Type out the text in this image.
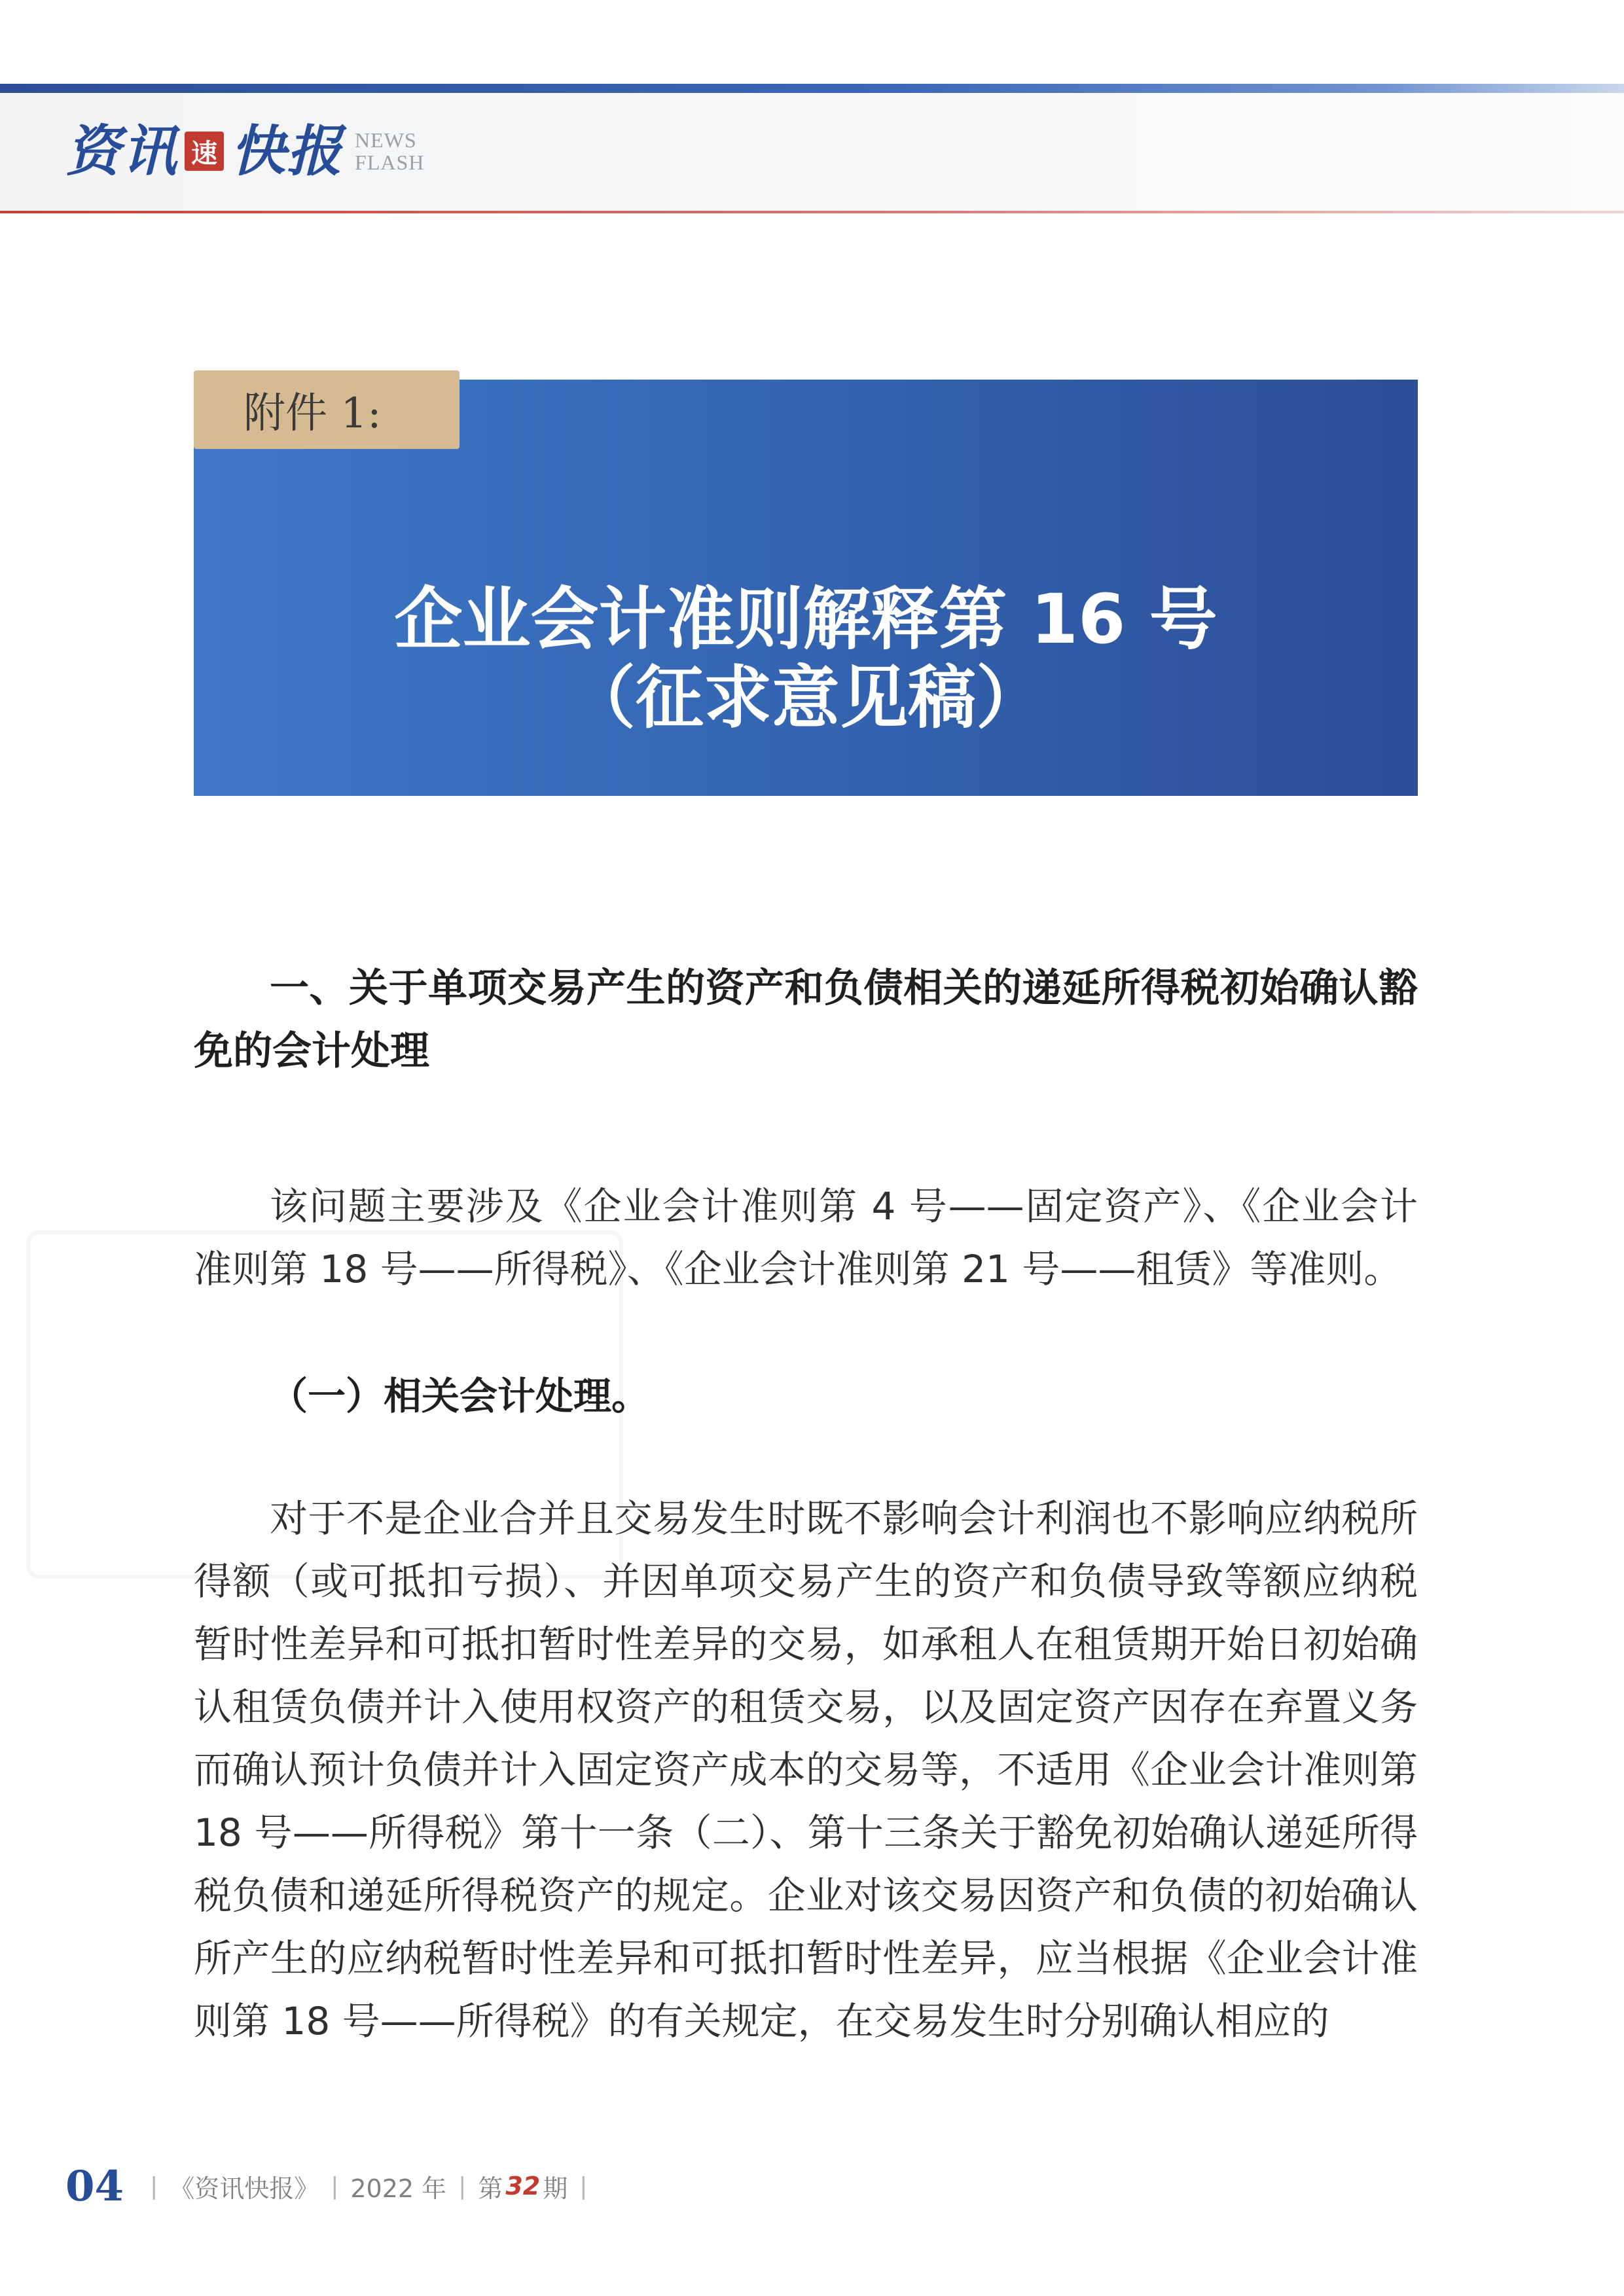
资讯 速 快报 NEWS
FLASH
附件 1:
企业会计准则解释第 16 号
（征求意见稿）

一、关于单项交易产生的资产和负债相关的递延所得税初始确认豁免的会计处理

该问题主要涉及《企业会计准则第 4 号——固定资产》、《企业会计准则第 18 号——所得税》、《企业会计准则第 21 号——租赁》等准则。

（一）相关会计处理。

对于不是企业合并且交易发生时既不影响会计利润也不影响应纳税所得额（或可抵扣亏损）、并因单项交易产生的资产和负债导致等额应纳税暂时性差异和可抵扣暂时性差异的交易，如承租人在租赁期开始日初始确认租赁负债并计入使用权资产的租赁交易，以及固定资产因存在弃置义务而确认预计负债并计入固定资产成本的交易等，不适用《企业会计准则第 18 号——所得税》第十一条（二）、第十三条关于豁免初始确认递延所得税负债和递延所得税资产的规定。企业对该交易因资产和负债的初始确认所产生的应纳税暂时性差异和可抵扣暂时性差异，应当根据《企业会计准则第 18 号——所得税》的有关规定，在交易发生时分别确认相应的

04 | 《资讯快报》 | 2022 年 | 第 32 期 |
